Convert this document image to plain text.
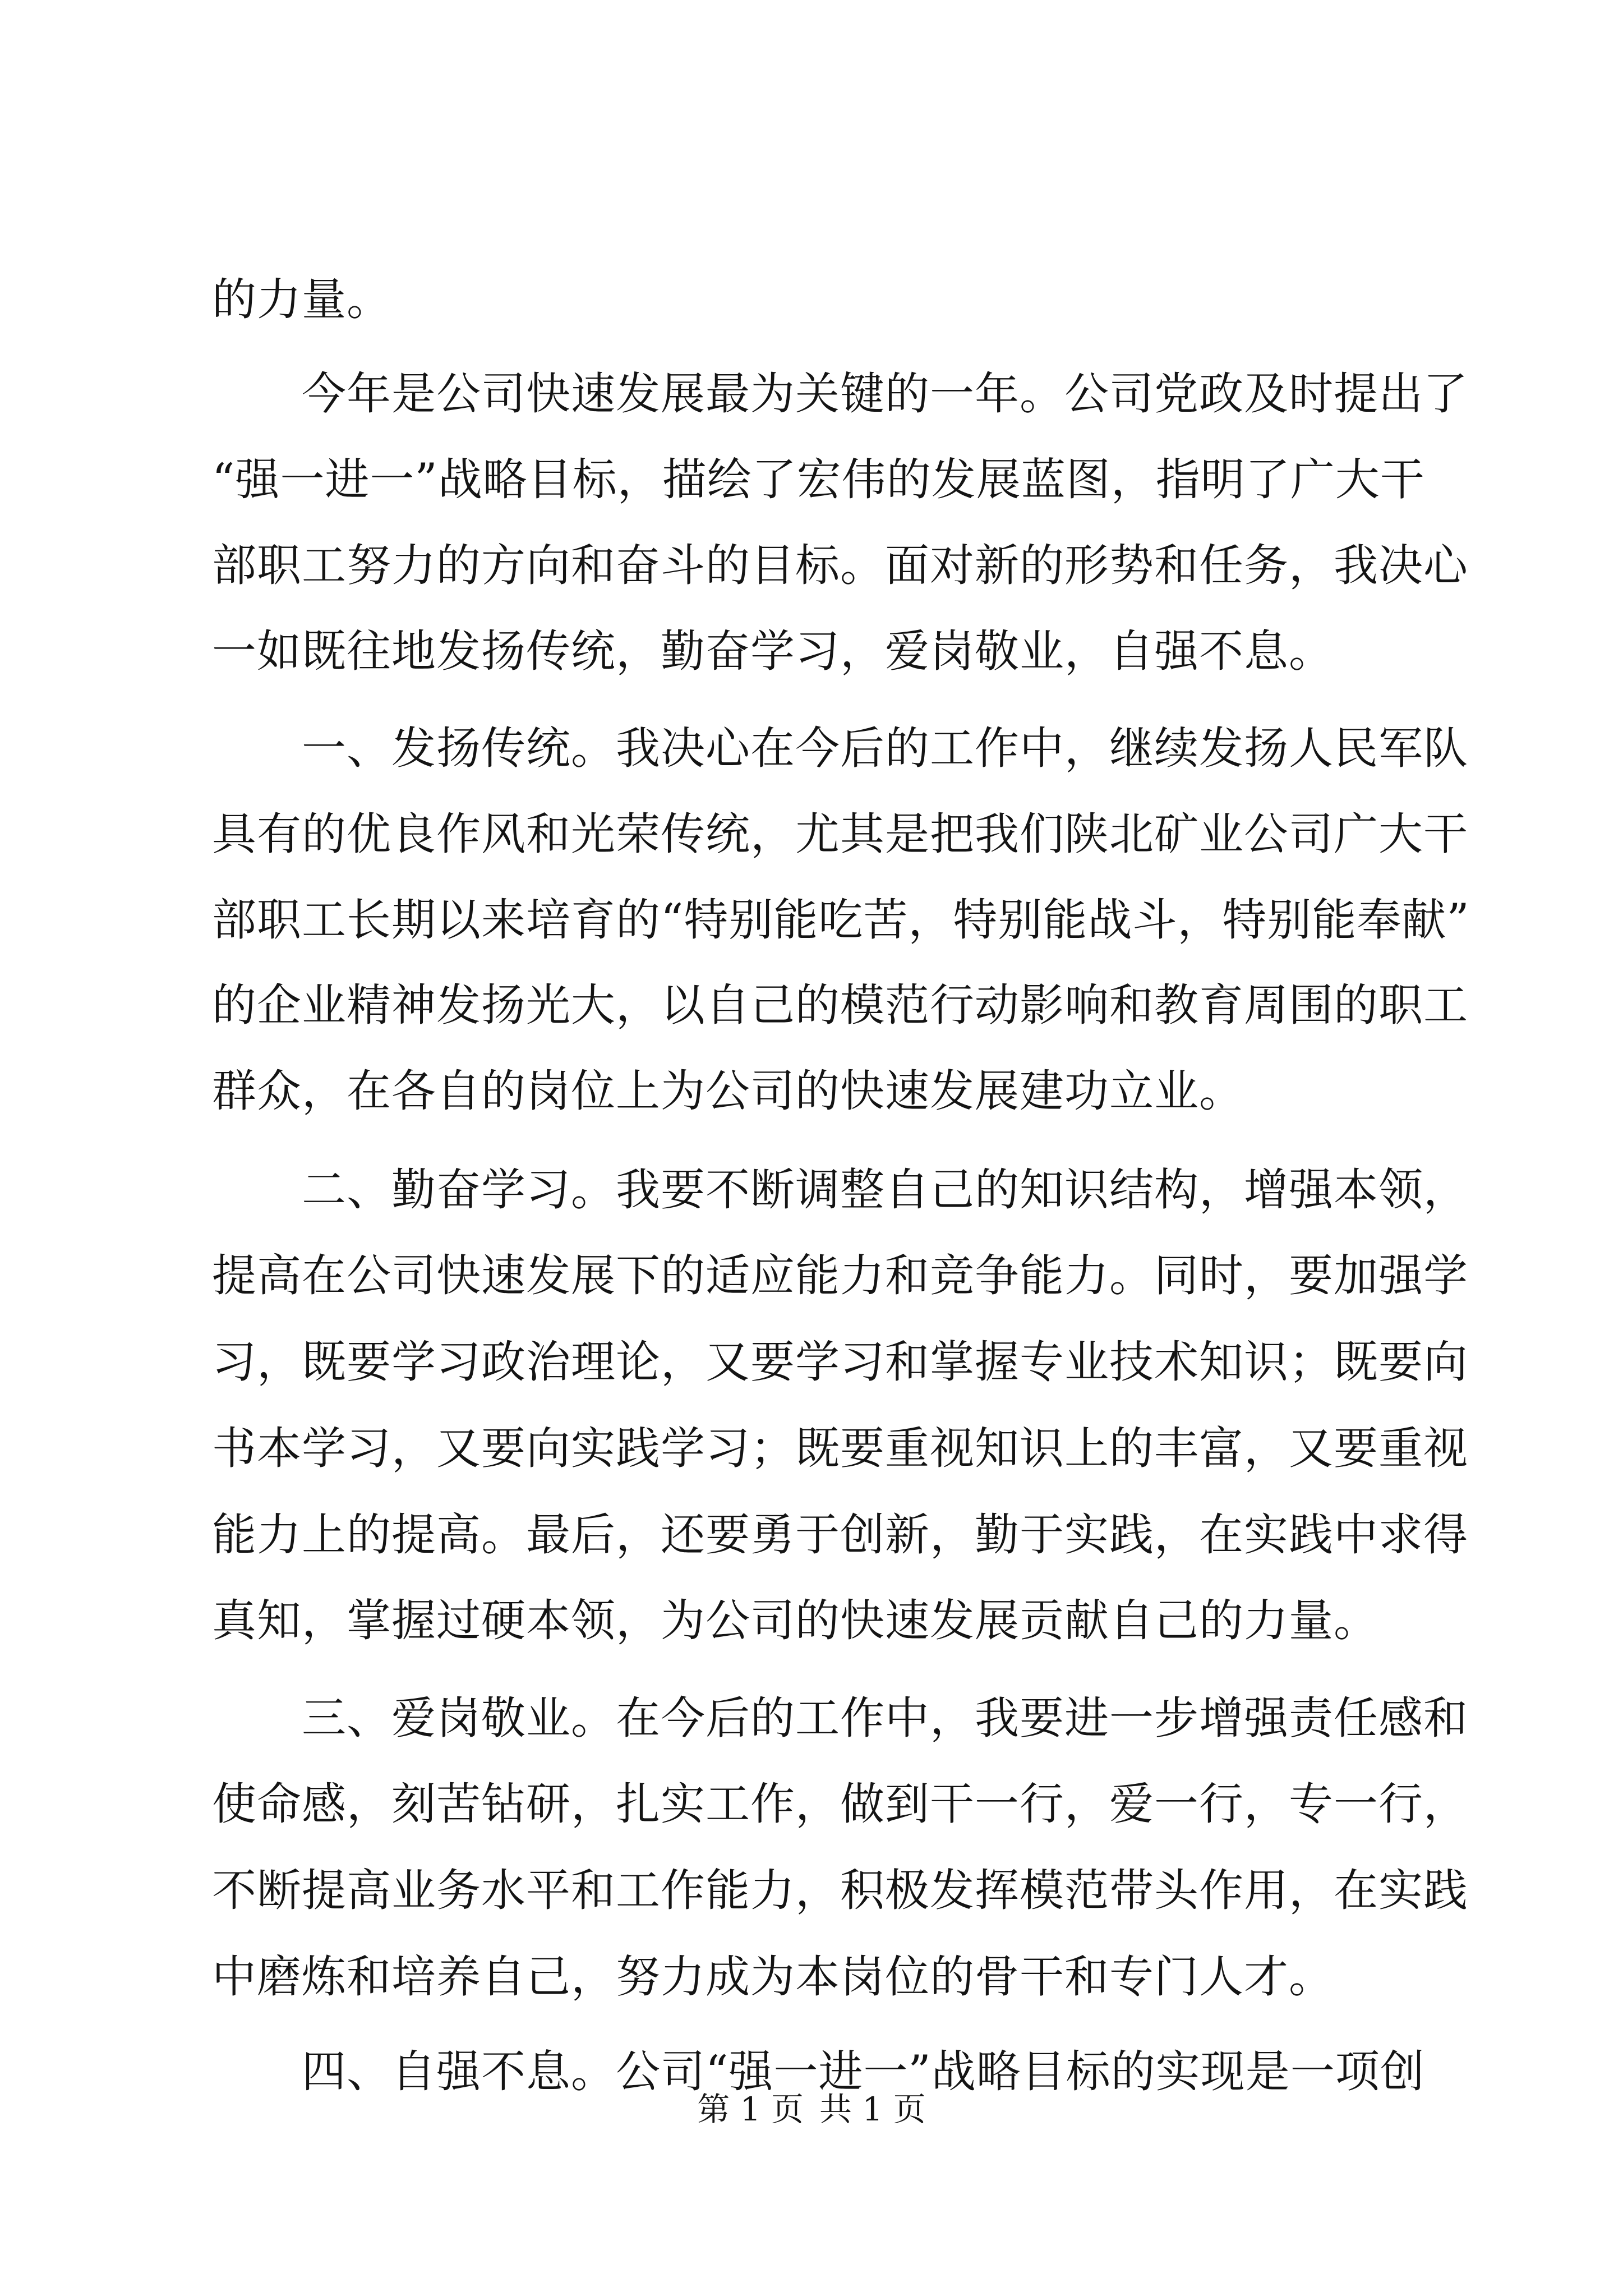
的力量。
今年是公司快速发展最为关键的一年。公司党政及时提出了
“强一进一”战略目标，描绘了宏伟的发展蓝图，指明了广大干
部职工努力的方向和奋斗的目标。面对新的形势和任务，我决心
一如既往地发扬传统，勤奋学习，爱岗敬业，自强不息。
一、发扬传统。我决心在今后的工作中，继续发扬人民军队
具有的优良作风和光荣传统，尤其是把我们陕北矿业公司广大干
部职工长期以来培育的“特别能吃苦，特别能战斗，特别能奉献”
的企业精神发扬光大，以自己的模范行动影响和教育周围的职工
群众，在各自的岗位上为公司的快速发展建功立业。
二、勤奋学习。我要不断调整自己的知识结构，增强本领，
提高在公司快速发展下的适应能力和竞争能力。同时，要加强学
习，既要学习政治理论，又要学习和掌握专业技术知识；既要向
书本学习，又要向实践学习；既要重视知识上的丰富，又要重视
能力上的提高。最后，还要勇于创新，勤于实践，在实践中求得
真知，掌握过硬本领，为公司的快速发展贡献自己的力量。
三、爱岗敬业。在今后的工作中，我要进一步增强责任感和
使命感，刻苦钻研，扎实工作，做到干一行，爱一行，专一行，
不断提高业务水平和工作能力，积极发挥模范带头作用，在实践
中磨炼和培养自己，努力成为本岗位的骨干和专门人才。
四、自强不息。公司“强一进一”战略目标的实现是一项创
第 1 页 共 1 页
